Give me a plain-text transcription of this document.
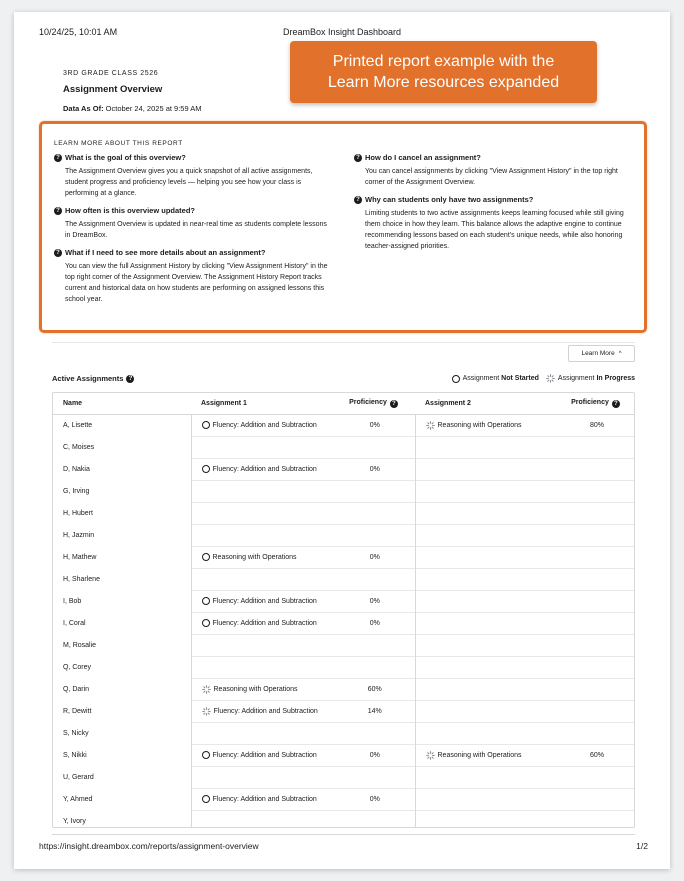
10/24/25, 10:01 AM	DreamBox Insight Dashboard
3RD GRADE CLASS 2526
Assignment Overview
Data As Of: October 24, 2025 at 9:59 AM
Printed report example with the
Learn More resources expanded
LEARN MORE ABOUT THIS REPORT
? What is the goal of this overview?
The Assignment Overview gives you a quick snapshot of all active assignments, student progress and proficiency levels — helping you see how your class is performing at a glance.
? How often is this overview updated?
The Assignment Overview is updated in near-real time as students complete lessons in DreamBox.
? What if I need to see more details about an assignment?
You can view the full Assignment History by clicking "View Assignment History" in the top right corner of the Assignment Overview. The Assignment History Report tracks current and historical data on how students are performing on assigned lessons this school year.
? How do I cancel an assignment?
You can cancel assignments by clicking "View Assignment History" in the top right corner of the Assignment Overview.
? Why can students only have two assignments?
Limiting students to two active assignments keeps learning focused while still giving them choice in how they learn. This balance allows the adaptive engine to continue recommending lessons based on each student's unique needs, while also honoring teacher-assigned priorities.
Learn More ^
Active Assignments ?	Assignment Not Started	Assignment In Progress
Name	Assignment 1	Proficiency ?	Assignment 2	Proficiency ?
A, Lisette	Fluency: Addition and Subtraction	0%	Reasoning with Operations	80%
C, Moises				
D, Nakia	Fluency: Addition and Subtraction	0%		
G, Irving				
H, Hubert				
H, Jazmin				
H, Mathew	Reasoning with Operations	0%		
H, Sharlene				
I, Bob	Fluency: Addition and Subtraction	0%		
I, Coral	Fluency: Addition and Subtraction	0%		
M, Rosalie				
Q, Corey				
Q, Darin	Reasoning with Operations	60%		
R, Dewitt	Fluency: Addition and Subtraction	14%		
S, Nicky				
S, Nikki	Fluency: Addition and Subtraction	0%	Reasoning with Operations	60%
U, Gerard				
Y, Ahmed	Fluency: Addition and Subtraction	0%		
Y, Ivory				
https://insight.dreambox.com/reports/assignment-overview	1/2
